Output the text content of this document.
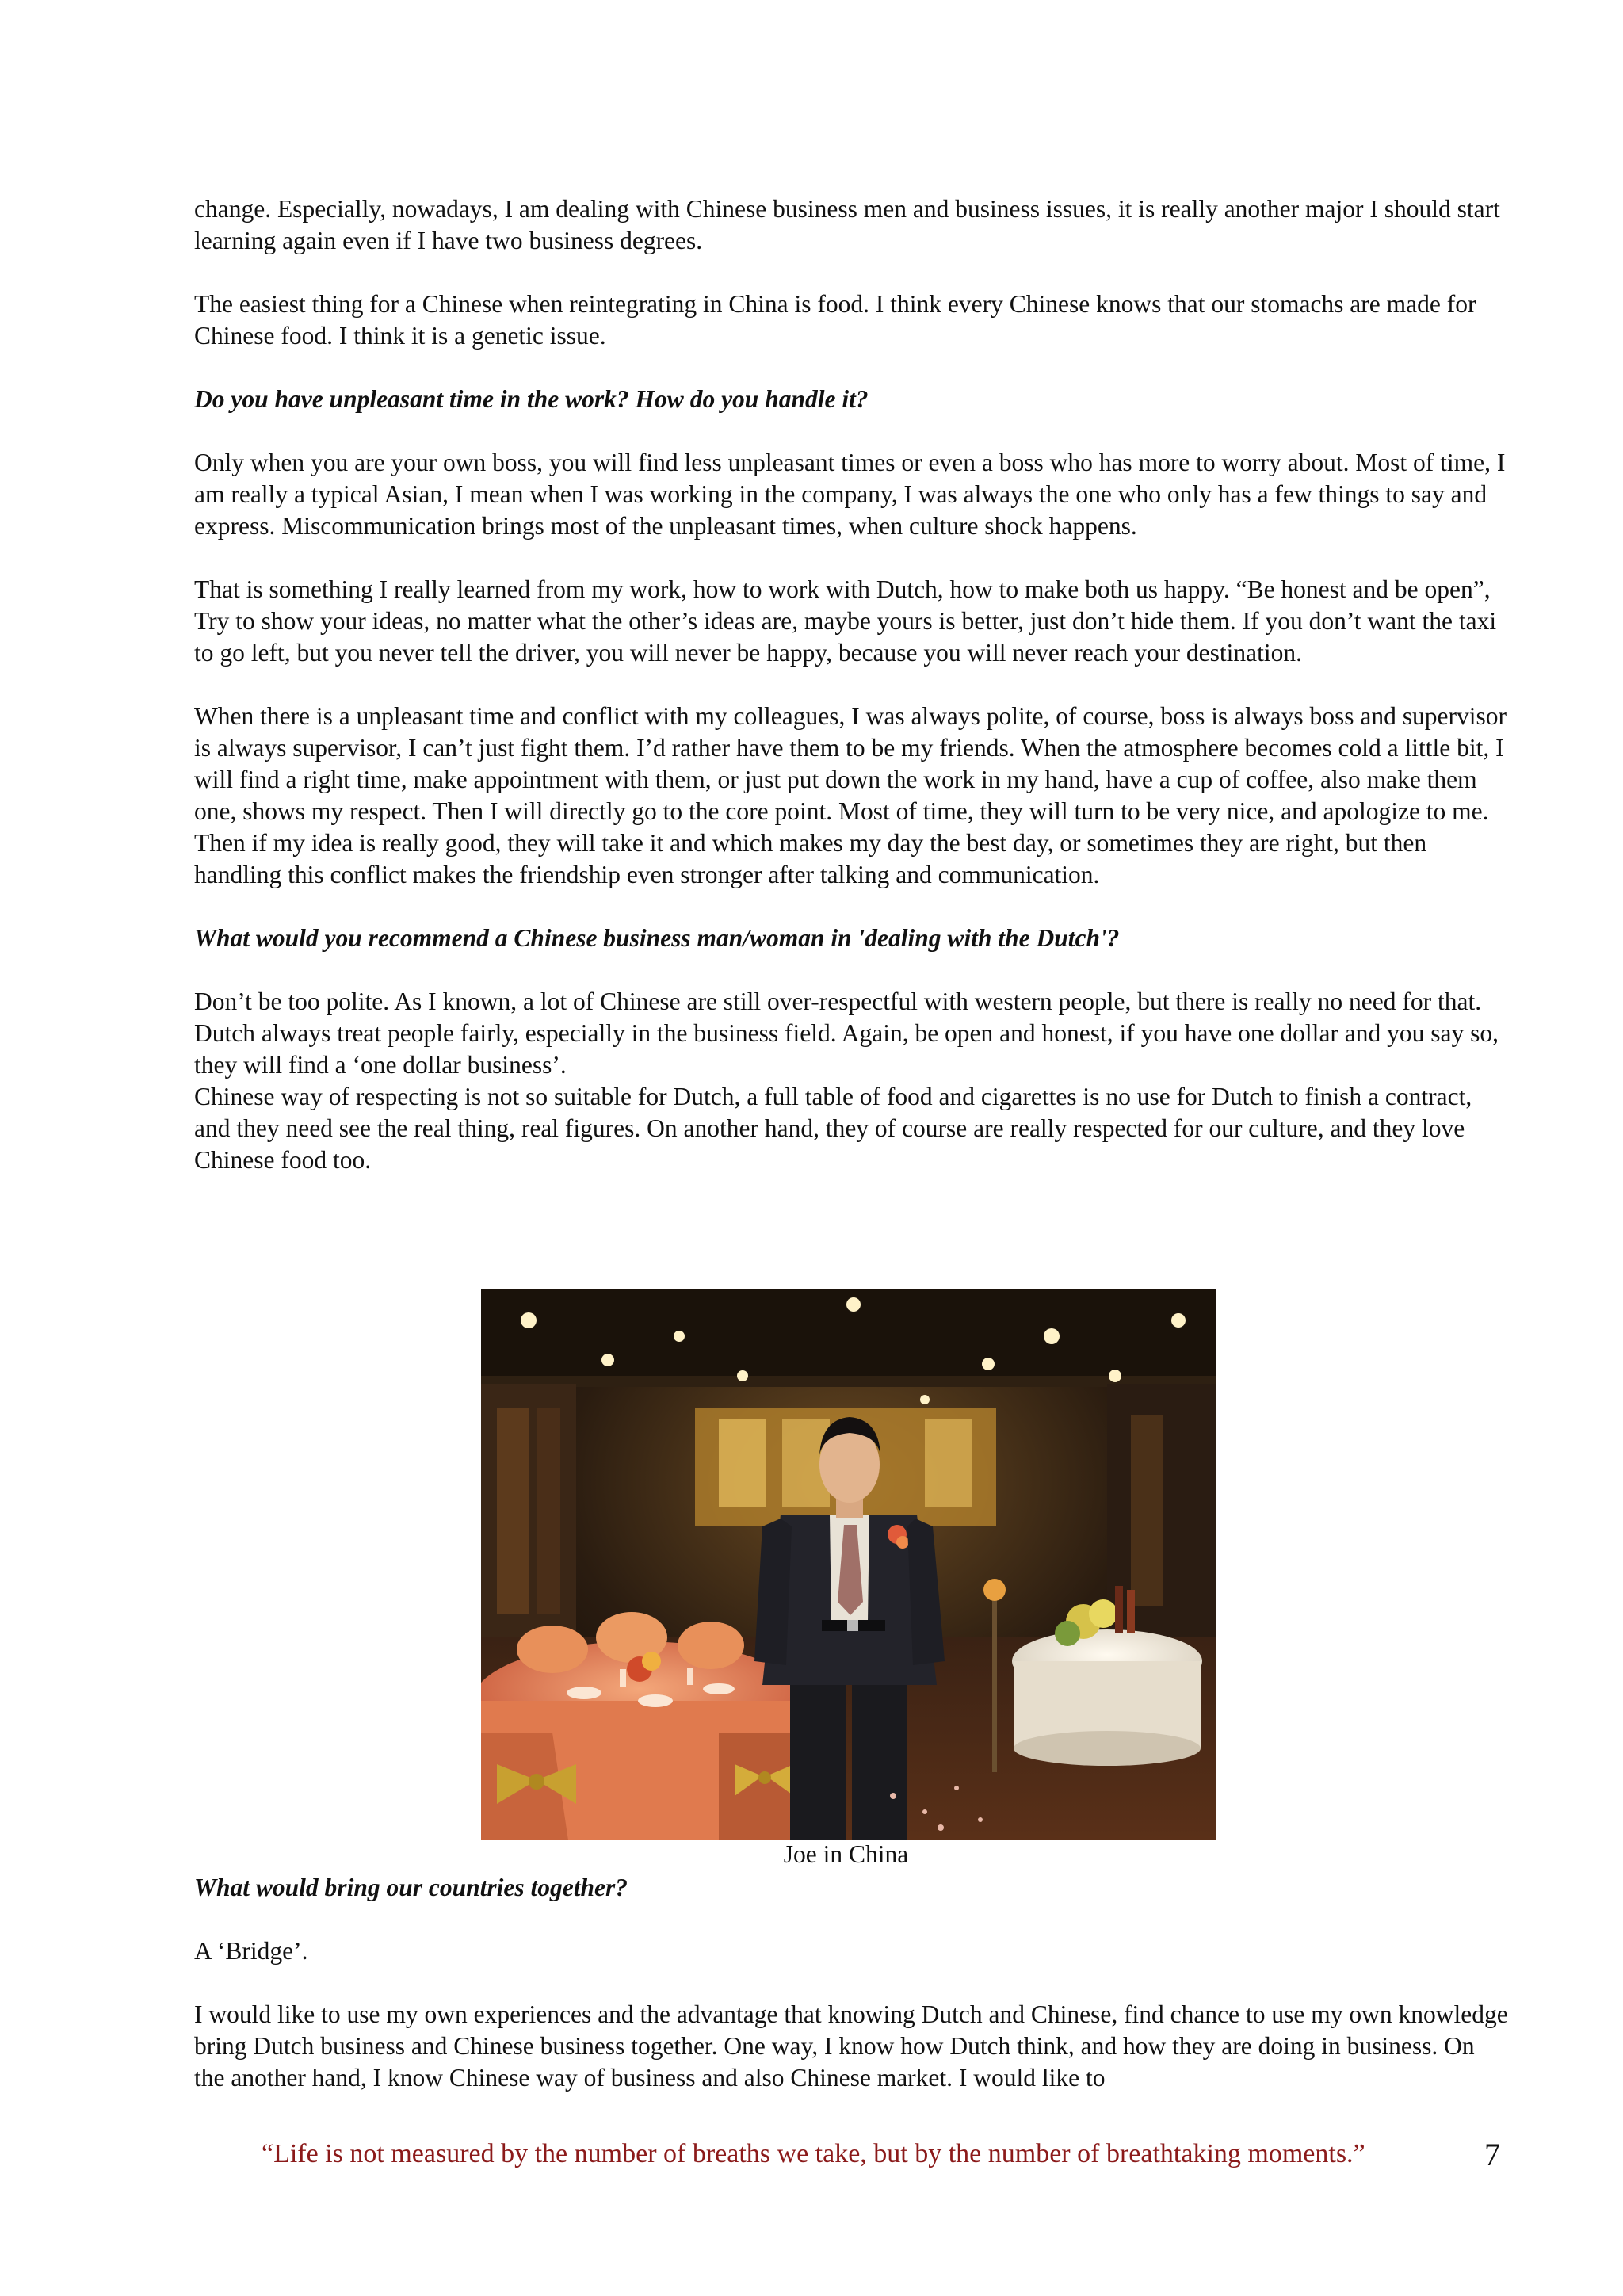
change. Especially, nowadays, I am dealing with Chinese business men and business issues, it is really another major I should start learning again even if I have two business degrees.

The easiest thing for a Chinese when reintegrating in China is food. I think every Chinese knows that our stomachs are made for Chinese food. I think it is a genetic issue.

Do you have unpleasant time in the work? How do you handle it?

Only when you are your own boss, you will find less unpleasant times or even a boss who has more to worry about. Most of time, I am really a typical Asian, I mean when I was working in the company, I was always the one who only has a few things to say and express. Miscommunication brings most of the unpleasant times, when culture shock happens.

That is something I really learned from my work, how to work with Dutch, how to make both us happy. “Be honest and be open”, Try to show your ideas, no matter what the other’s ideas are, maybe yours is better, just don’t hide them. If you don’t want the taxi to go left, but you never tell the driver, you will never be happy, because you will never reach your destination.

When there is a unpleasant time and conflict with my colleagues, I was always polite, of course, boss is always boss and supervisor is always supervisor, I can’t just fight them. I’d rather have them to be my friends. When the atmosphere becomes cold a little bit, I will find a right time, make appointment with them, or just put down the work in my hand, have a cup of coffee, also make them one, shows my respect. Then I will directly go to the core point. Most of time, they will turn to be very nice, and apologize to me. Then if my idea is really good, they will take it and which makes my day the best day, or sometimes they are right, but then handling this conflict makes the friendship even stronger after talking and communication.

What would you recommend a Chinese business man/woman in 'dealing with the Dutch'?

Don’t be too polite. As I known, a lot of Chinese are still over-respectful with western people, but there is really no need for that. Dutch always treat people fairly, especially in the business field. Again, be open and honest, if you have one dollar and you say so, they will find a ‘one dollar business’.

Chinese way of respecting is not so suitable for Dutch, a full table of food and cigarettes is no use for Dutch to finish a contract, and they need see the real thing, real figures. On another hand, they of course are really respected for our culture, and they love Chinese food too.

Joe in China

What would bring our countries together?

A ‘Bridge’.

I would like to use my own experiences and the advantage that knowing Dutch and Chinese, find chance to use my own knowledge bring Dutch business and Chinese business together. One way, I know how Dutch think, and how they are doing in business. On the another hand, I know Chinese way of business and also Chinese market. I would like to

“Life is not measured by the number of breaths we take, but by the number of breathtaking moments.”	7
